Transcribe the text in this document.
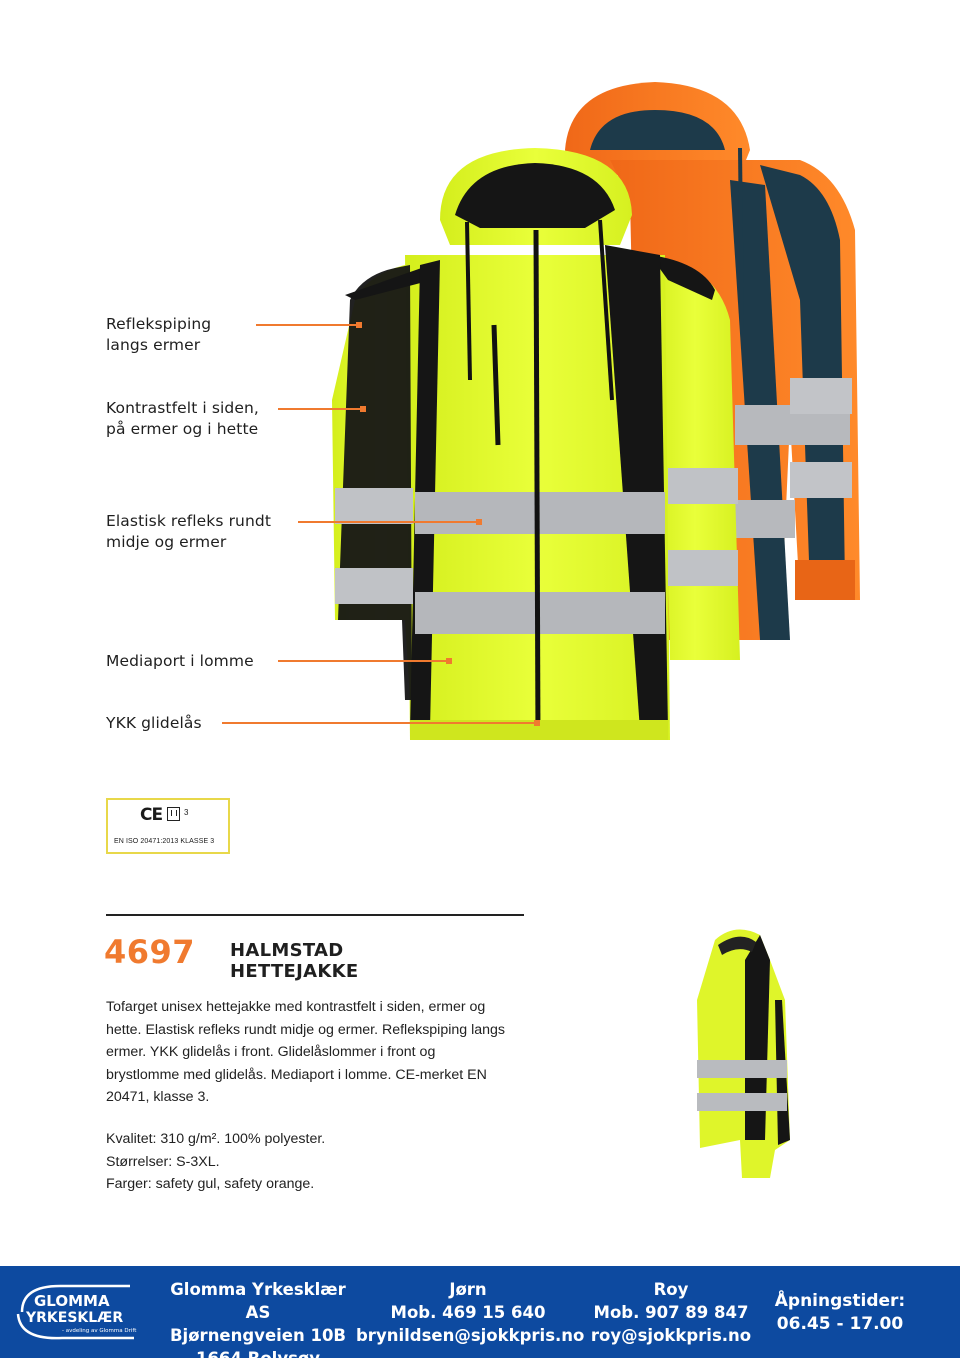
Reflekspiping
langs ermer
Kontrastfelt i siden,
på ermer og i hette
Elastisk refleks rundt
midje og ermer
Mediaport i lomme
YKK glidelås
CE	3
EN ISO 20471:2013 KLASSE 3
4697 HALMSTAD
HETTEJAKKE
Tofarget unisex hettejakke med kontrastfelt i siden, ermer og hette. Elastisk refleks rundt midje og ermer. Reflekspiping langs ermer. YKK glidelås i front. Glidelåslommer i front og brystlomme med glidelås. Mediaport i lomme. CE-merket EN 20471, klasse 3.
Kvalitet: 310 g/m². 100% polyester.
Størrelser: S-3XL.
Farger: safety gul, safety orange.
GLOMMA
YRKESKLÆR
- avdeling av Glomma Drift
Glomma Yrkesklær AS
Bjørnengveien 10B
1664 Rolvsøy
Jørn
Mob. 469 15 640
brynildsen@sjokkpris.no
Roy
Mob. 907 89 847
roy@sjokkpris.no
Åpningstider:
06.45 - 17.00
